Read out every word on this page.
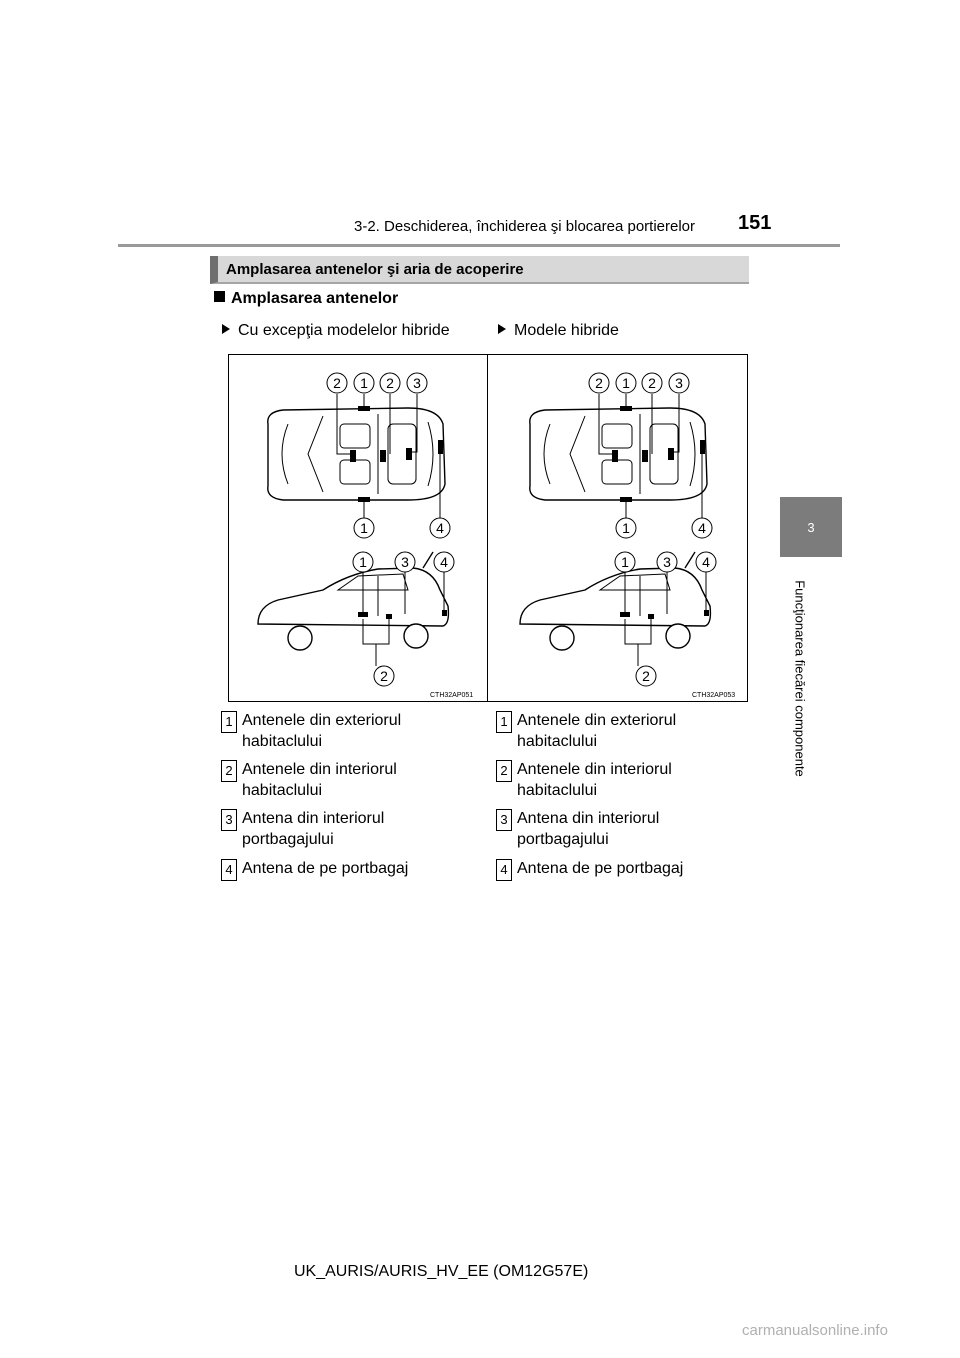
3-2. Deschiderea, închiderea şi blocarea portierelor 151
3
Funcţionarea fiecărei componente
Amplasarea antenelor şi aria de acoperire
Amplasarea antenelor
Cu excepţia modelelor hibride	Modele hibride
2 1 2 3
1	4
1 3 4
2
2 1 2 3
1	4
1 3 4
2
CTH32AP051	CTH32AP053
1 Antenele din exteriorul habitaclului
2 Antenele din interiorul habitaclului
3 Antena din interiorul portbagajului
4 Antena de pe portbagaj
1 Antenele din exteriorul habitaclului
2 Antenele din interiorul habitaclului
3 Antena din interiorul portbagajului
4 Antena de pe portbagaj
UK_AURIS/AURIS_HV_EE (OM12G57E)
carmanualsonline.info
